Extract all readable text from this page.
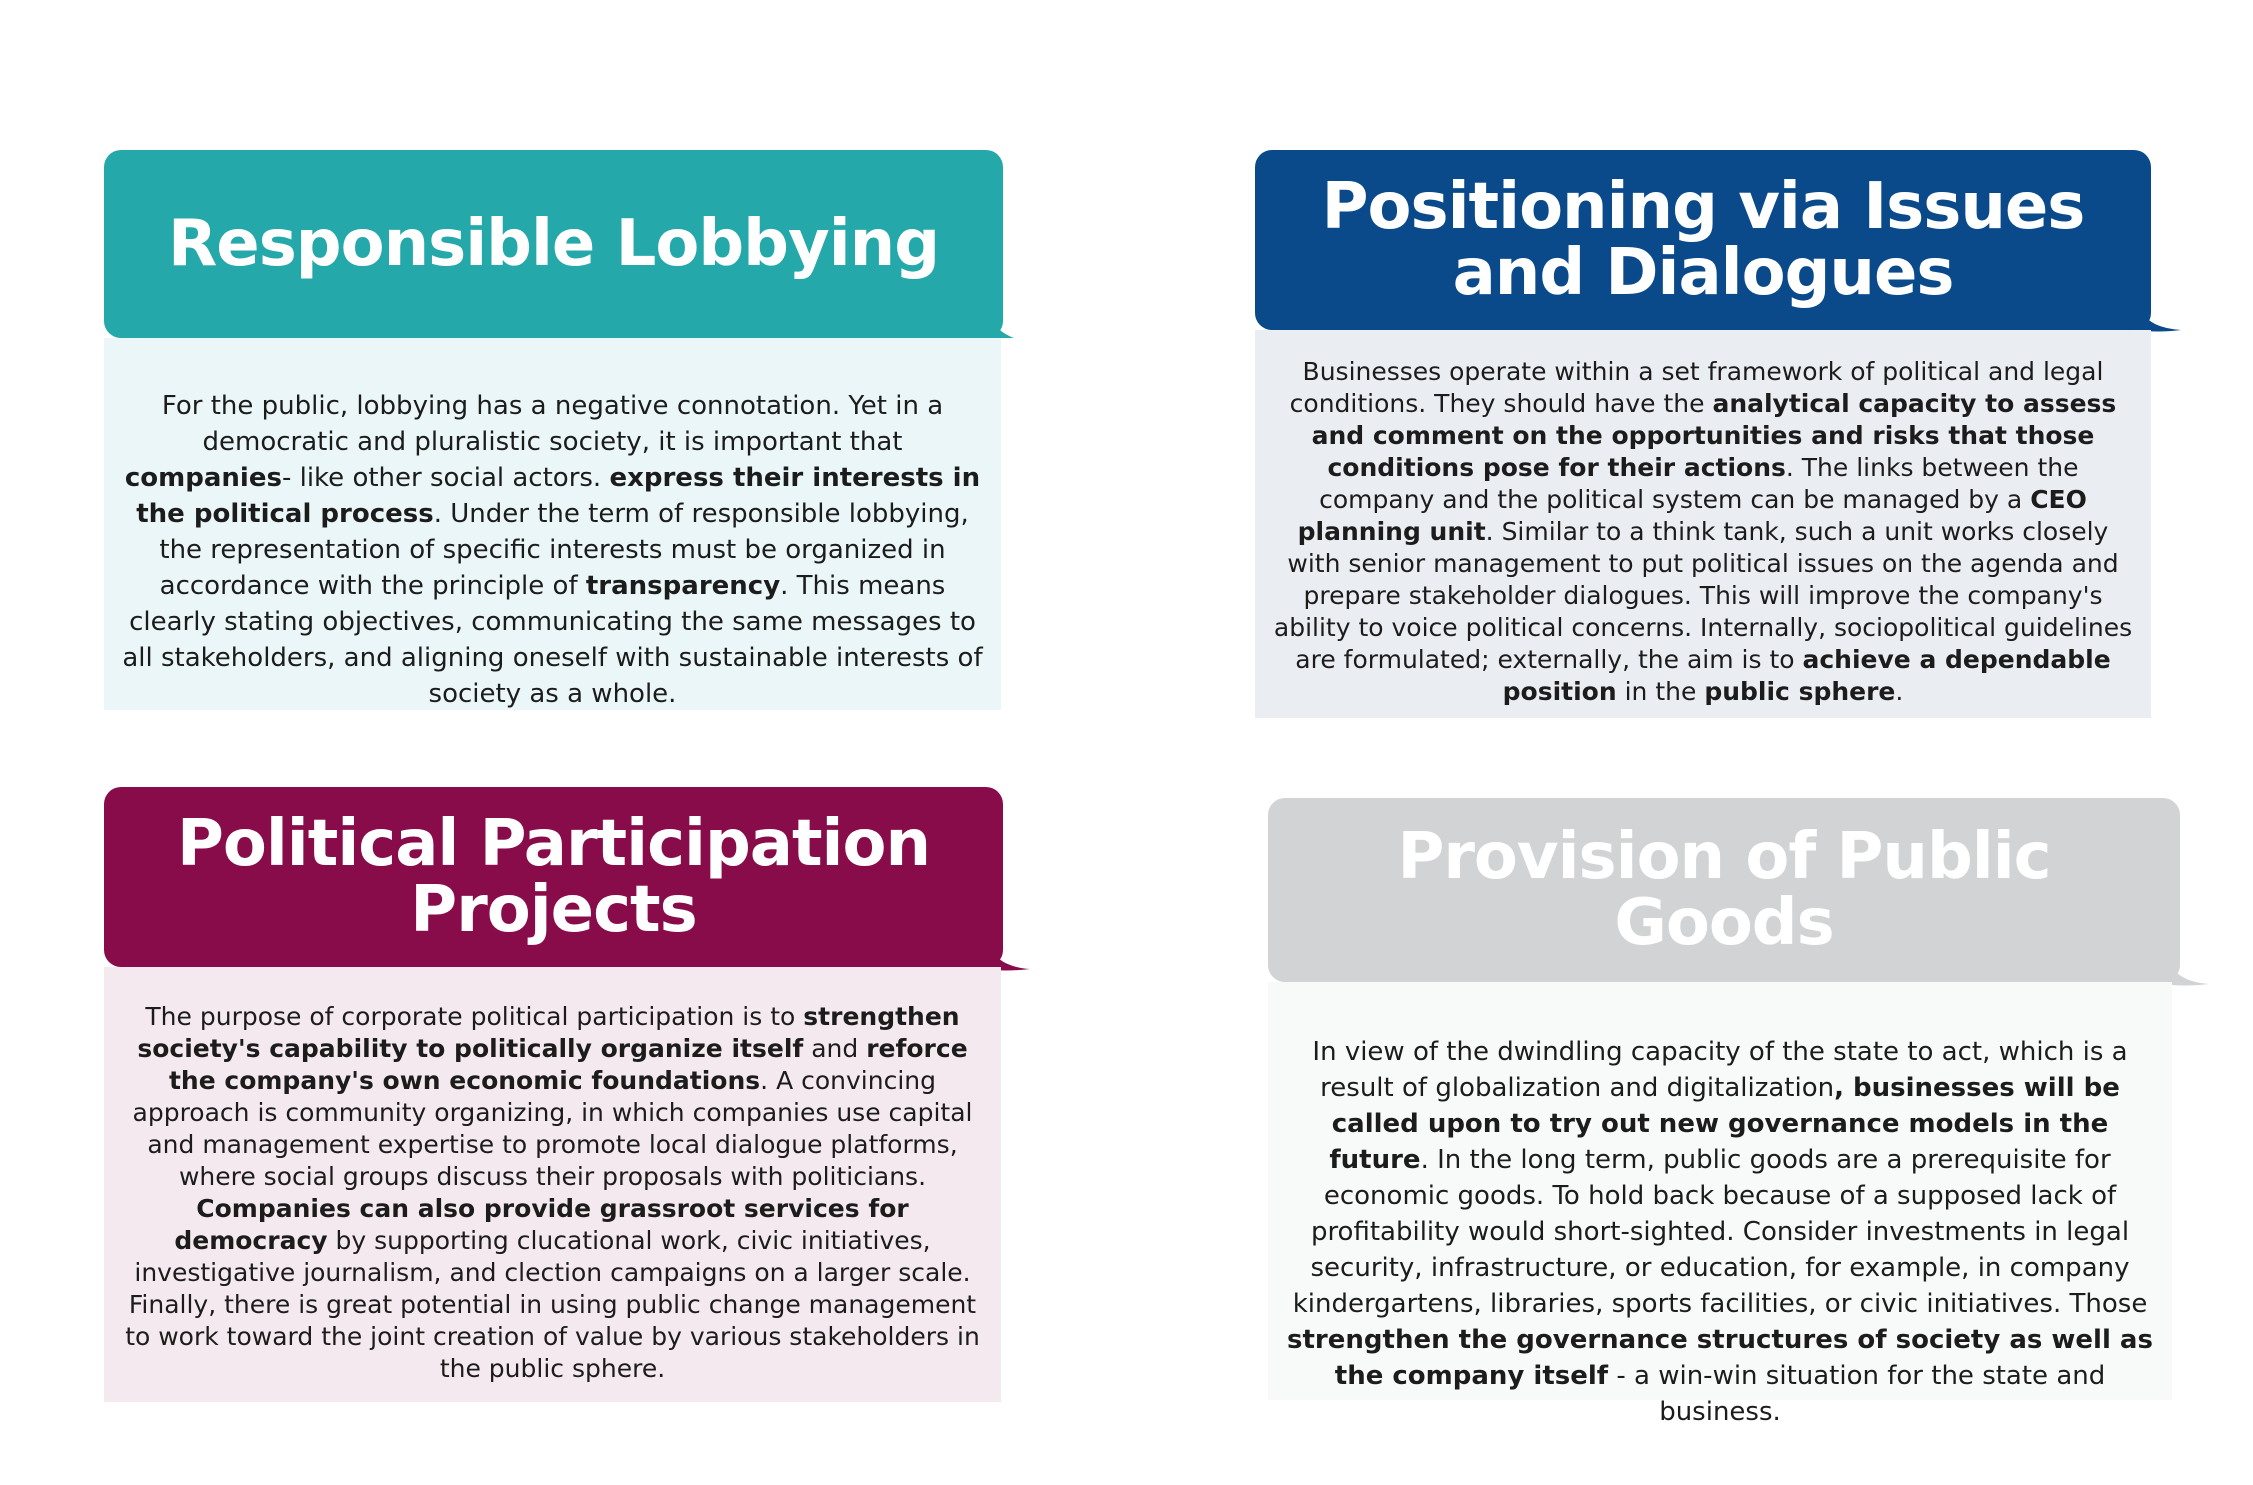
Responsible Lobbying

For the public, lobbying has a negative connotation. Yet in a democratic and pluralistic society, it is important that companies- like other social actors. express their interests in the political process. Under the term of responsible lobbying, the representation of specific interests must be organized in accordance with the principle of transparency. This means clearly stating objectives, communicating the same messages to all stakeholders, and aligning oneself with sustainable interests of society as a whole.

Positioning via Issues and Dialogues

Businesses operate within a set framework of political and legal conditions. They should have the analytical capacity to assess and comment on the opportunities and risks that those conditions pose for their actions. The links between the company and the political system can be managed by a CEO planning unit. Similar to a think tank, such a unit works closely with senior management to put political issues on the agenda and prepare stakeholder dialogues. This will improve the company's ability to voice political concerns. Internally, sociopolitical guidelines are formulated; externally, the aim is to achieve a dependable position in the public sphere.

Political Participation Projects

The purpose of corporate political participation is to strengthen society's capability to politically organize itself and reforce the company's own economic foundations. A convincing approach is community organizing, in which companies use capital and management expertise to promote local dialogue platforms, where social groups discuss their proposals with politicians. Companies can also provide grassroot services for democracy by supporting clucational work, civic initiatives, investigative journalism, and clection campaigns on a larger scale. Finally, there is great potential in using public change management to work toward the joint creation of value by various stakeholders in the public sphere.

Provision of Public Goods

In view of the dwindling capacity of the state to act, which is a result of globalization and digitalization, businesses will be called upon to try out new governance models in the future. In the long term, public goods are a prerequisite for economic goods. To hold back because of a supposed lack of profitability would short-sighted. Consider investments in legal security, infrastructure, or education, for example, in company kindergartens, libraries, sports facilities, or civic initiatives. Those strengthen the governance structures of society as well as the company itself - a win-win situation for the state and business.
